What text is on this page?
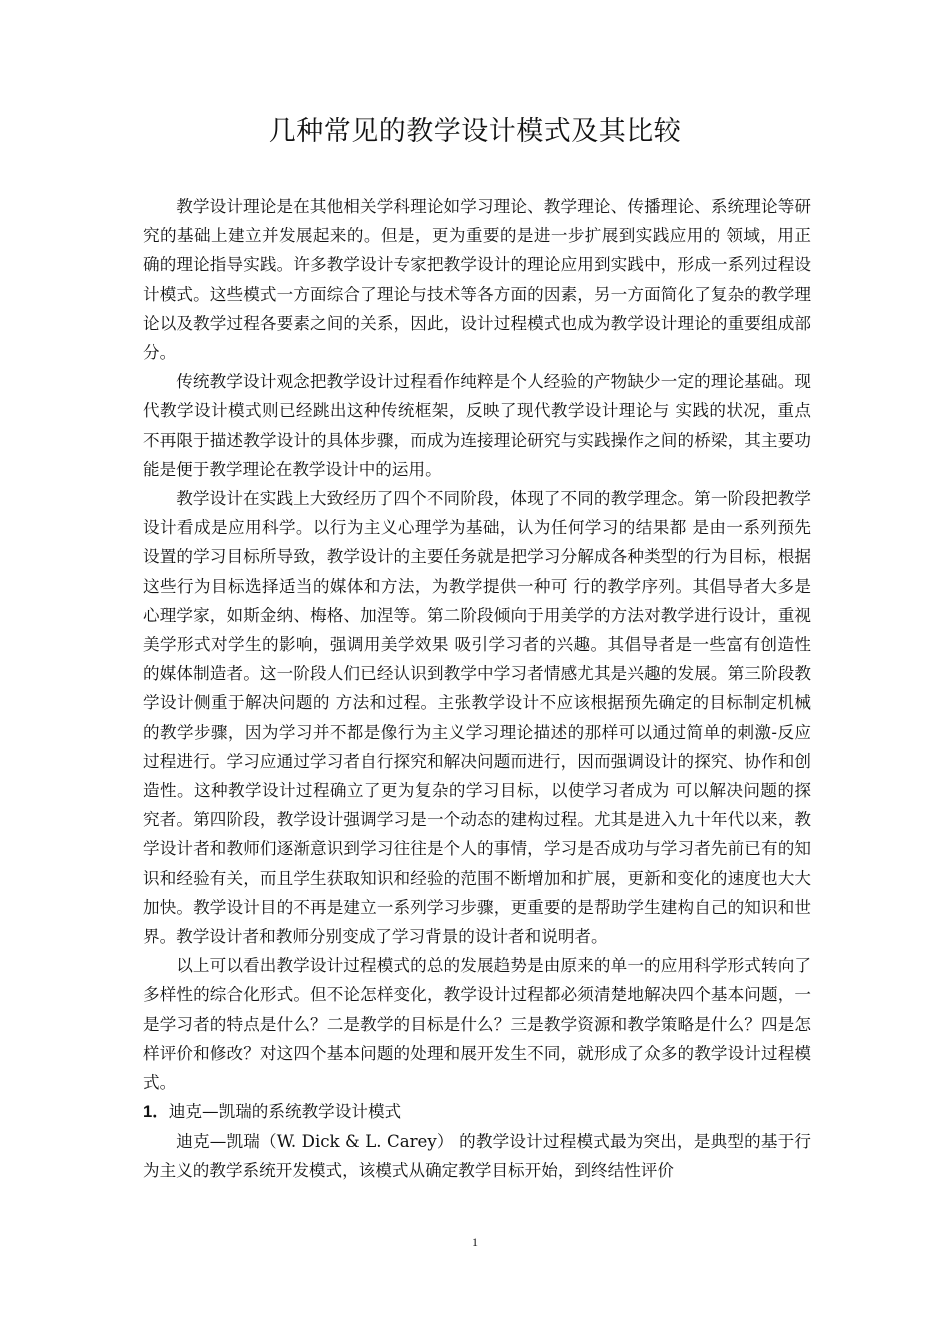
几种常见的教学设计模式及其比较

教学设计理论是在其他相关学科理论如学习理论、教学理论、传播理论、系统理论等研究的基础上建立并发展起来的。但是，更为重要的是进一步扩展到实践应用的 领域，用正确的理论指导实践。许多教学设计专家把教学设计的理论应用到实践中，形成一系列过程设计模式。这些模式一方面综合了理论与技术等各方面的因素，另一方面简化了复杂的教学理论以及教学过程各要素之间的关系，因此，设计过程模式也成为教学设计理论的重要组成部分。

传统教学设计观念把教学设计过程看作纯粹是个人经验的产物缺少一定的理论基础。现代教学设计模式则已经跳出这种传统框架，反映了现代教学设计理论与 实践的状况，重点不再限于描述教学设计的具体步骤，而成为连接理论研究与实践操作之间的桥梁，其主要功能是便于教学理论在教学设计中的运用。

教学设计在实践上大致经历了四个不同阶段，体现了不同的教学理念。第一阶段把教学设计看成是应用科学。以行为主义心理学为基础，认为任何学习的结果都 是由一系列预先设置的学习目标所导致，教学设计的主要任务就是把学习分解成各种类型的行为目标，根据这些行为目标选择适当的媒体和方法，为教学提供一种可 行的教学序列。其倡导者大多是心理学家，如斯金纳、梅格、加涅等。第二阶段倾向于用美学的方法对教学进行设计，重视美学形式对学生的影响，强调用美学效果 吸引学习者的兴趣。其倡导者是一些富有创造性的媒体制造者。这一阶段人们已经认识到教学中学习者情感尤其是兴趣的发展。第三阶段教学设计侧重于解决问题的 方法和过程。主张教学设计不应该根据预先确定的目标制定机械的教学步骤，因为学习并不都是像行为主义学习理论描述的那样可以通过简单的刺激-反应过程进行。学习应通过学习者自行探究和解决问题而进行，因而强调设计的探究、协作和创造性。这种教学设计过程确立了更为复杂的学习目标，以使学习者成为 可以解决问题的探究者。第四阶段，教学设计强调学习是一个动态的建构过程。尤其是进入九十年代以来，教学设计者和教师们逐渐意识到学习往往是个人的事情，学习是否成功与学习者先前已有的知识和经验有关，而且学生获取知识和经验的范围不断增加和扩展，更新和变化的速度也大大加快。教学设计目的不再是建立一系列学习步骤，更重要的是帮助学生建构自己的知识和世界。教学设计者和教师分别变成了学习背景的设计者和说明者。

以上可以看出教学设计过程模式的总的发展趋势是由原来的单一的应用科学形式转向了多样性的综合化形式。但不论怎样变化，教学设计过程都必须清楚地解决四个基本问题，一是学习者的特点是什么？二是教学的目标是什么？三是教学资源和教学策略是什么？四是怎样评价和修改？对这四个基本问题的处理和展开发生不同，就形成了众多的教学设计过程模式。

1．迪克—凯瑞的系统教学设计模式

迪克—凯瑞（W. Dick & L. Carey） 的教学设计过程模式最为突出，是典型的基于行为主义的教学系统开发模式，该模式从确定教学目标开始，到终结性评价

1
